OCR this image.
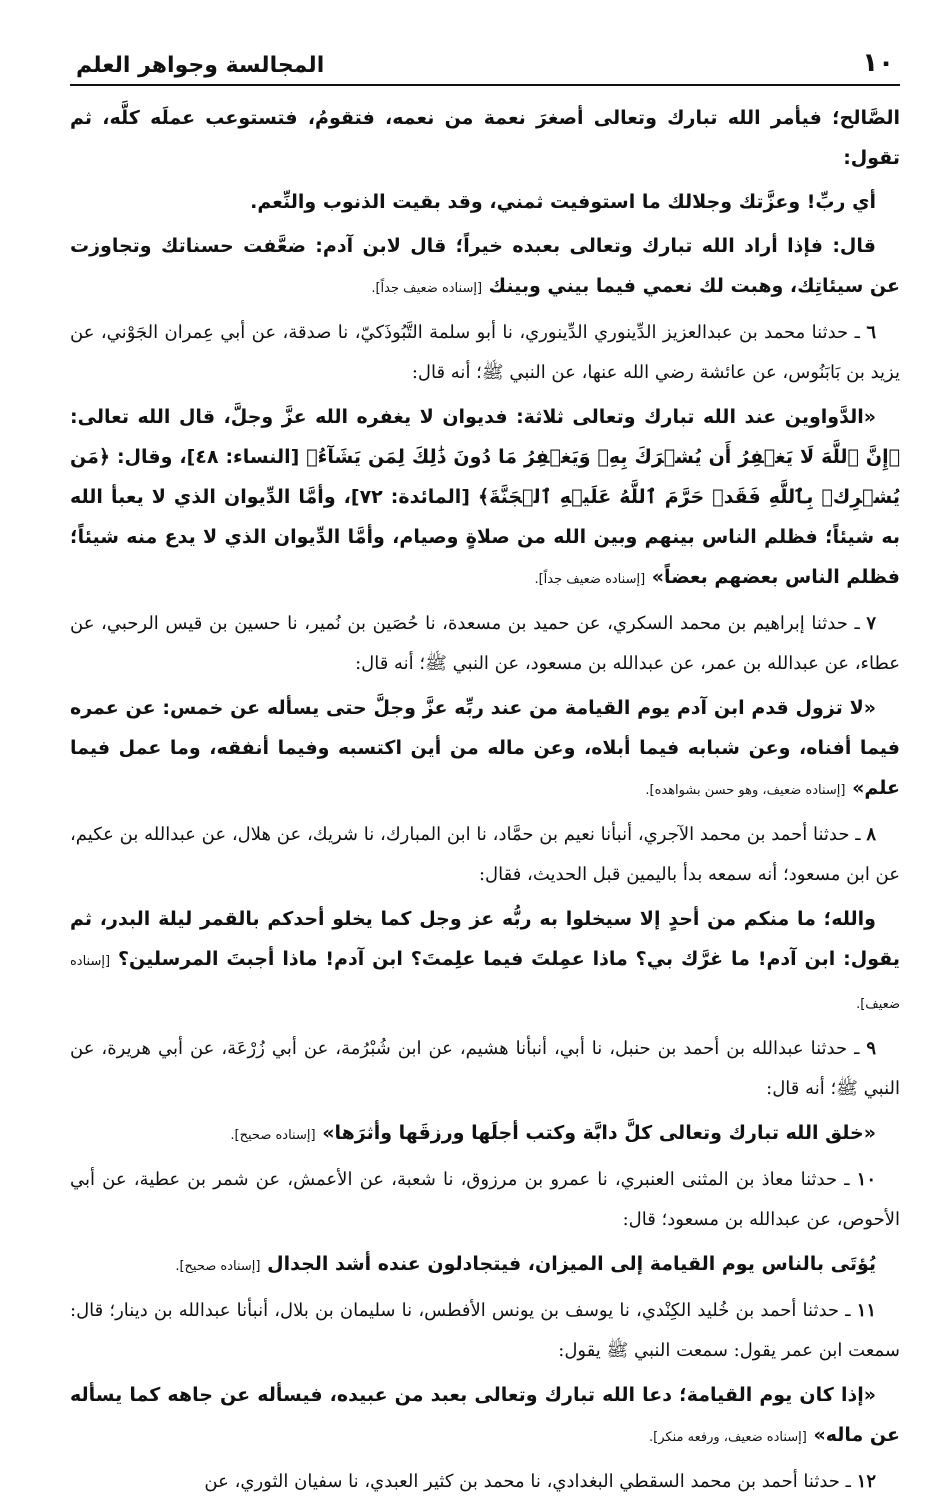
١٠
المجالسة وجواهر العلم

الصَّالح؛ فيأمر الله تبارك وتعالى أصغرَ نعمة من نعمه، فتقومُ، فتستوعب عملَه كلَّه، ثم تقول:

أي ربِّ! وعزَّتك وجلالك ما استوفيت ثمني، وقد بقيت الذنوب والنِّعم.

قال: فإذا أراد الله تبارك وتعالى بعبده خيراً؛ قال لابن آدم: ضعَّفت حسناتك وتجاوزت عن سيئاتِك، وهبت لك نعمي فيما بيني وبينك [إسناده ضعيف جداً].

٦ ـ حدثنا محمد بن عبدالعزيز الدِّينوري الدِّينوري، نا أبو سلمة التَّبُوذَكيّ، نا صدقة، عن أبي عِمران الجَوْني، عن يزيد بن بَابَنُوس، عن عائشة رضي الله عنها، عن النبي ﷺ؛ أنه قال:

«الدَّواوين عند الله تبارك وتعالى ثلاثة: فديوان لا يغفره الله عزَّ وجلَّ، قال الله تعالى: ﴿إِنَّ ٱللَّهَ لَا يَغۡفِرُ أَن يُشۡرَكَ بِهِۦ وَيَغۡفِرُ مَا دُونَ ذَٰلِكَ لِمَن يَشَآءُ﴾ [النساء: ٤٨]، وقال: ﴿مَن يُشۡرِكۡ بِٱللَّهِ فَقَدۡ حَرَّمَ ٱللَّهُ عَلَيۡهِ ٱلۡجَنَّةَ﴾ [المائدة: ٧٢]، وأمَّا الدِّيوان الذي لا يعبأ الله به شيئاً؛ فظلم الناس بينهم وبين الله من صلاةٍ وصيام، وأمَّا الدِّيوان الذي لا يدع منه شيئاً؛ فظلم الناس بعضهم بعضاً» [إسناده ضعيف جداً].

٧ ـ حدثنا إبراهيم بن محمد السكري، عن حميد بن مسعدة، نا حُصَين بن نُمير، نا حسين بن قيس الرحبي، عن عطاء، عن عبدالله بن عمر، عن عبدالله بن مسعود، عن النبي ﷺ؛ أنه قال:

«لا تزول قدم ابن آدم يوم القيامة من عند ربِّه عزَّ وجلَّ حتى يسأله عن خمس: عن عمره فيما أفناه، وعن شبابه فيما أبلاه، وعن ماله من أين اكتسبه وفيما أنفقه، وما عمل فيما علم» [إسناده ضعيف، وهو حسن بشواهده].

٨ ـ حدثنا أحمد بن محمد الآجري، أنبأنا نعيم بن حمَّاد، نا ابن المبارك، نا شريك، عن هلال، عن عبدالله بن عكيم، عن ابن مسعود؛ أنه سمعه بدأ باليمين قبل الحديث، فقال:

والله؛ ما منكم من أحدٍ إلا سيخلوا به ربُّه عز وجل كما يخلو أحدكم بالقمر ليلة البدر، ثم يقول: ابن آدم! ما غرَّك بي؟ ماذا عمِلتَ فيما علِمتَ؟ ابن آدم! ماذا أجبتَ المرسلين؟ [إسناده ضعيف].

٩ ـ حدثنا عبدالله بن أحمد بن حنبل، نا أبي، أنبأنا هشيم، عن ابن شُبْرُمة، عن أبي زُرْعَة، عن أبي هريرة، عن النبي ﷺ؛ أنه قال:

«خلق الله تبارك وتعالى كلَّ دابَّة وكتب أجلَها ورزقَها وأثرَها» [إسناده صحيح].

١٠ ـ حدثنا معاذ بن المثنى العنبري، نا عمرو بن مرزوق، نا شعبة، عن الأعمش، عن شمر بن عطية، عن أبي الأحوص، عن عبدالله بن مسعود؛ قال:

يُؤتَى بالناس يوم القيامة إلى الميزان، فيتجادلون عنده أشد الجدال [إسناده صحيح].

١١ ـ حدثنا أحمد بن خُليد الكِنْدي، نا يوسف بن يونس الأفطس، نا سليمان بن بلال، أنبأنا عبدالله بن دينار؛ قال: سمعت ابن عمر يقول: سمعت النبي ﷺ يقول:

«إذا كان يوم القيامة؛ دعا الله تبارك وتعالى بعبد من عبيده، فيسأله عن جاهه كما يسأله عن ماله» [إسناده ضعيف، ورفعه منكر].

١٢ ـ حدثنا أحمد بن محمد السقطي البغدادي، نا محمد بن كثير العبدي، نا سفيان الثوري، عن
